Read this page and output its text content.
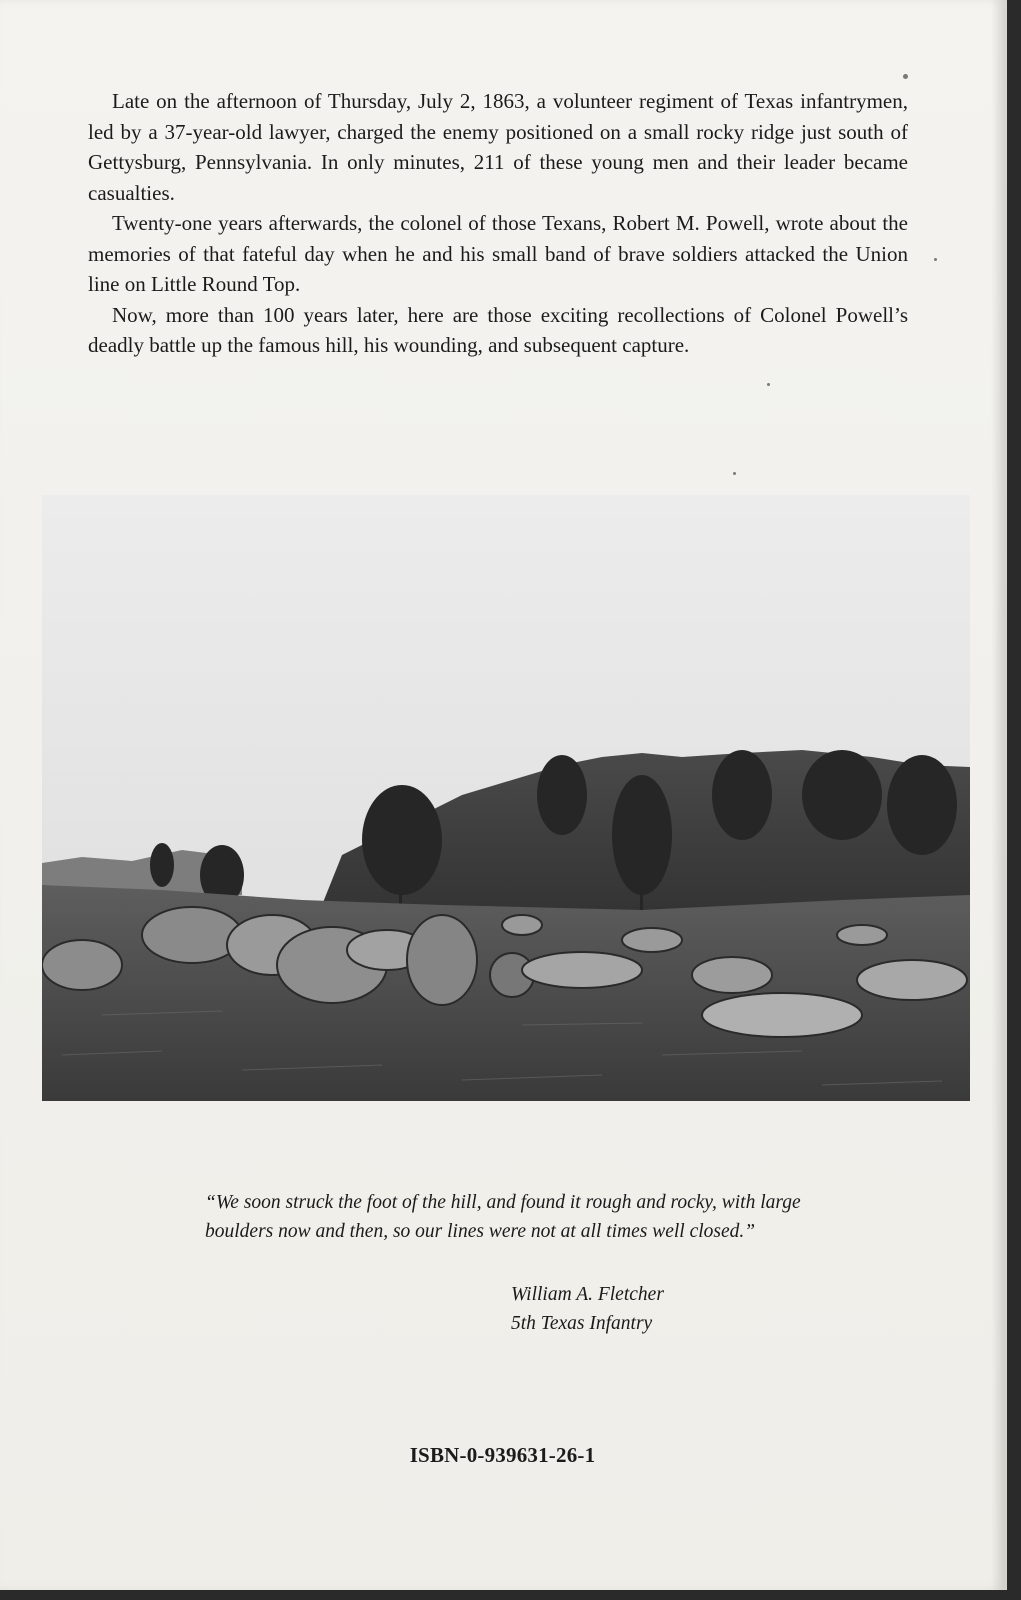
Late on the afternoon of Thursday, July 2, 1863, a volunteer regiment of Texas infantrymen, led by a 37-year-old lawyer, charged the enemy positioned on a small rocky ridge just south of Gettysburg, Pennsylvania. In only minutes, 211 of these young men and their leader became casualties.

Twenty-one years afterwards, the colonel of those Texans, Robert M. Powell, wrote about the memories of that fateful day when he and his small band of brave soldiers attacked the Union line on Little Round Top.

Now, more than 100 years later, here are those exciting recollections of Colonel Powell’s deadly battle up the famous hill, his wounding, and subsequent capture.

“We soon struck the foot of the hill, and found it rough and rocky, with large boulders now and then, so our lines were not at all times well closed.”
William A. Fletcher
5th Texas Infantry
ISBN-0-939631-26-1
